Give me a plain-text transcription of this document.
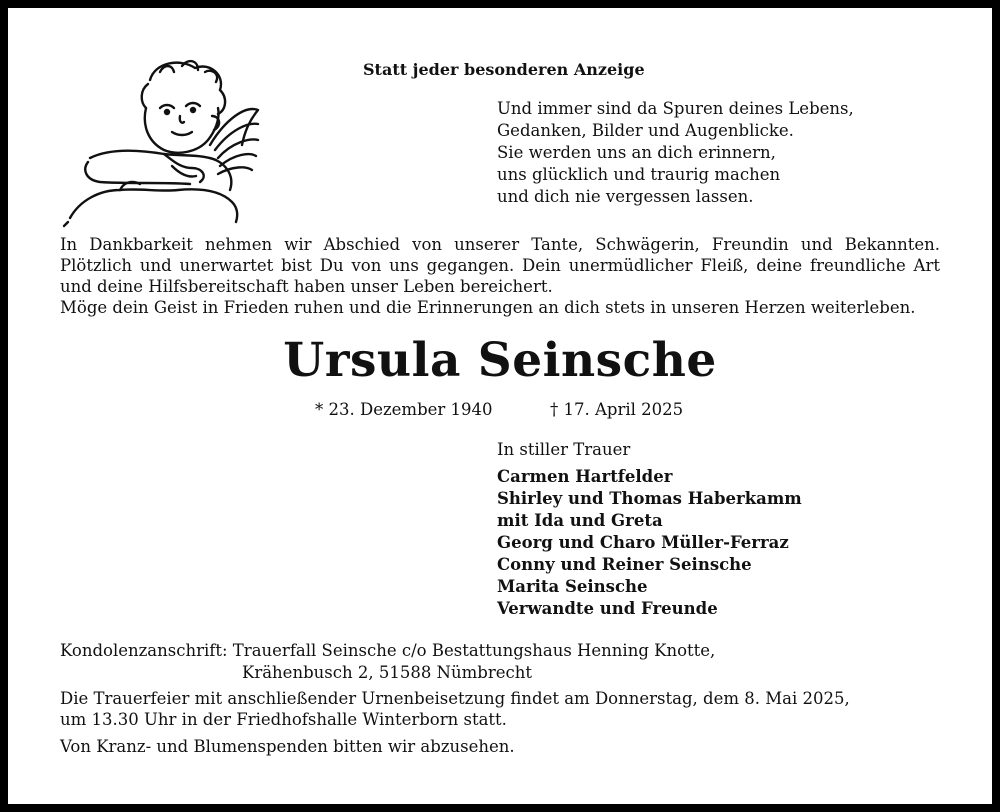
Statt jeder besonderen Anzeige
Und immer sind da Spuren deines Lebens,
Gedanken, Bilder und Augenblicke.
Sie werden uns an dich erinnern,
uns glücklich und traurig machen
und dich nie vergessen lassen.
In Dankbarkeit nehmen wir Abschied von unserer Tante, Schwägerin, Freundin und Bekannten.
Plötzlich und unerwartet bist Du von uns gegangen. Dein unermüdlicher Fleiß, deine freundliche Art
und deine Hilfsbereitschaft haben unser Leben bereichert.
Möge dein Geist in Frieden ruhen und die Erinnerungen an dich stets in unseren Herzen weiterleben.
Ursula Seinsche
* 23. Dezember 1940	† 17. April 2025
In stiller Trauer
Carmen Hartfelder
Shirley und Thomas Haberkamm
mit Ida und Greta
Georg und Charo Müller-Ferraz
Conny und Reiner Seinsche
Marita Seinsche
Verwandte und Freunde
Kondolenzanschrift: Trauerfall Seinsche c/o Bestattungshaus Henning Knotte,
Krähenbusch 2, 51588 Nümbrecht
Die Trauerfeier mit anschließender Urnenbeisetzung findet am Donnerstag, dem 8. Mai 2025,
um 13.30 Uhr in der Friedhofshalle Winterborn statt.
Von Kranz- und Blumenspenden bitten wir abzusehen.
